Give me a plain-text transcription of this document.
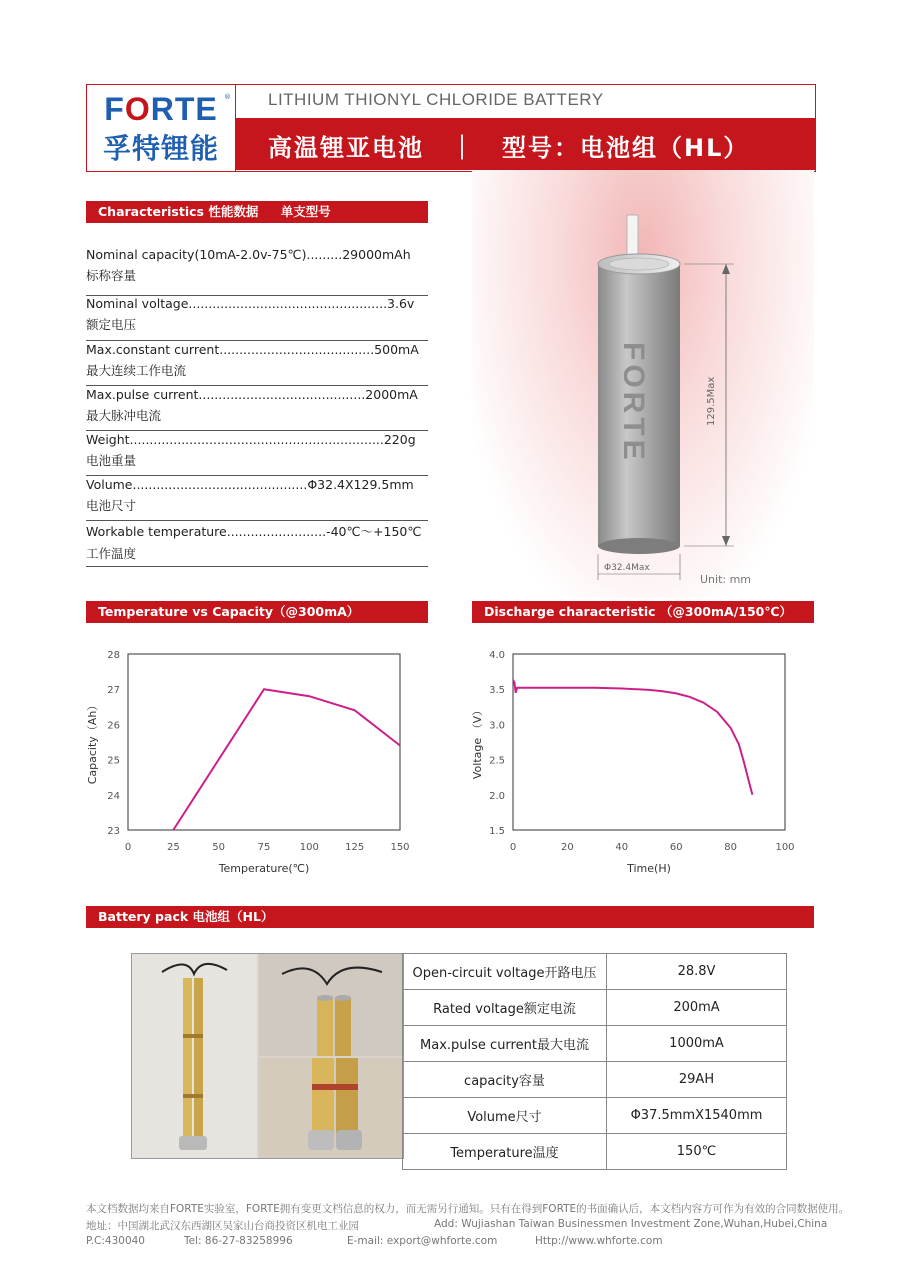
FORTE ®
孚特锂能
LITHIUM THIONYL CHLORIDE BATTERY
高温锂亚电池　｜　型号：电池组（HL）
Characteristics 性能数据 单支型号（ER321270S）
Nominal capacity(10mA-2.0v-75℃).........29000mAh
标称容量
Nominal voltage..................................................3.6v
额定电压
Max.constant current.......................................500mA
最大连续工作电流
Max.pulse current..........................................2000mA
最大脉冲电流
Weight................................................................220g
电池重量
Volume............................................Φ32.4X129.5mm
电池尺寸
Workable temperature.........................-40℃～+150℃
工作温度
FORTE	129.5Max
Φ32.4Max
Unit: mm
Temperature vs Capacity（@300mA）	Discharge characteristic （@300mA/150℃）
0	25	50	75	100	125	150
23
24
25
26
27
28
Temperature(℃)
Capacity（Ah）
0	20	40	60	80	100
1.5
2.0
2.5
3.0
3.5
4.0
Time(H)
Voltage （V）
Battery pack 电池组（HL）
Open-circuit voltage开路电压	28.8V
Rated voltage额定电流	200mA
Max.pulse current最大电流	1000mA
capacity容量	29AH
Volume尺寸	Φ37.5mmX1540mm
Temperature温度	150℃
本文档数据均来自FORTE实验室，FORTE拥有变更文档信息的权力，而无需另行通知。只有在得到FORTE的书面确认后，本文档内容方可作为有效的合同数据使用。
地址：中国湖北武汉东西湖区吴家山台商投资区机电工业园	Add: Wujiashan Taiwan Businessmen Investment Zone,Wuhan,Hubei,China
P.C:430040	Tel: 86-27-83258996	E-mail: export@whforte.com	Http://www.whforte.com
